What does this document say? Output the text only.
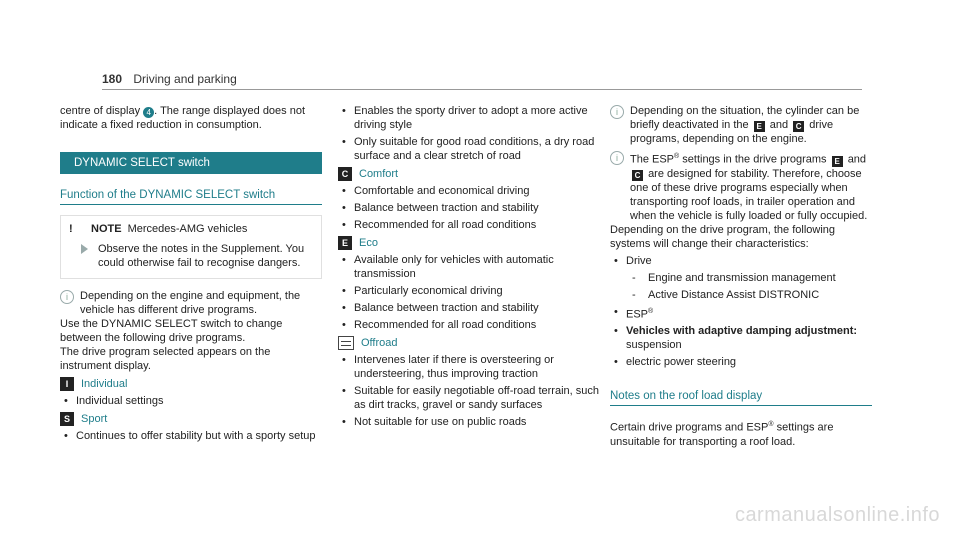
180 Driving and parking

centre of display 4 . The range displayed does not indicate a fixed reduction in consumption.

DYNAMIC SELECT switch
Function of the DYNAMIC SELECT switch
!	NOTE Mercedes-AMG vehicles
Observe the notes in the Supplement. You could otherwise fail to recognise dangers.
i	Depending on the engine and equipment, the vehicle has different drive programs.

Use the DYNAMIC SELECT switch to change between the following drive programs.

The drive program selected appears on the instrument display.

I	Individual
• Individual settings
S	Sport
• Continues to offer stability but with a sporty setup
• Enables the sporty driver to adopt a more active driving style
• Only suitable for good road conditions, a dry road surface and a clear stretch of road
C Comfort
• Comfortable and economical driving
• Balance between traction and stability
• Recommended for all road conditions
E	Eco
• Available only for vehicles with automatic transmission
• Particularly economical driving
• Balance between traction and stability
• Recommended for all road conditions
Offroad
• Intervenes later if there is oversteering or understeering, thus improving traction
• Suitable for easily negotiable off-road terrain, such as dirt tracks, gravel or sandy surfaces
• Not suitable for use on public roads
i	Depending on the situation, the cylinder can be briefly deactivated in the E and C drive programs, depending on the engine.
i	The ESP® settings in the drive programs E and C are designed for stability. Therefore, choose one of these drive programs especially when transporting roof loads, in trailer operation and when the vehicle is fully loaded or fully occupied.

Depending on the drive program, the following systems will change their characteristics:

• Drive
-	Engine and transmission management
-	Active Distance Assist DISTRONIC
• ESP®
• Vehicles with adaptive damping adjustment:
suspension
• electric power steering
Notes on the roof load display

Certain drive programs and ESP® settings are unsuitable for transporting a roof load.

carmanualsonline.info
